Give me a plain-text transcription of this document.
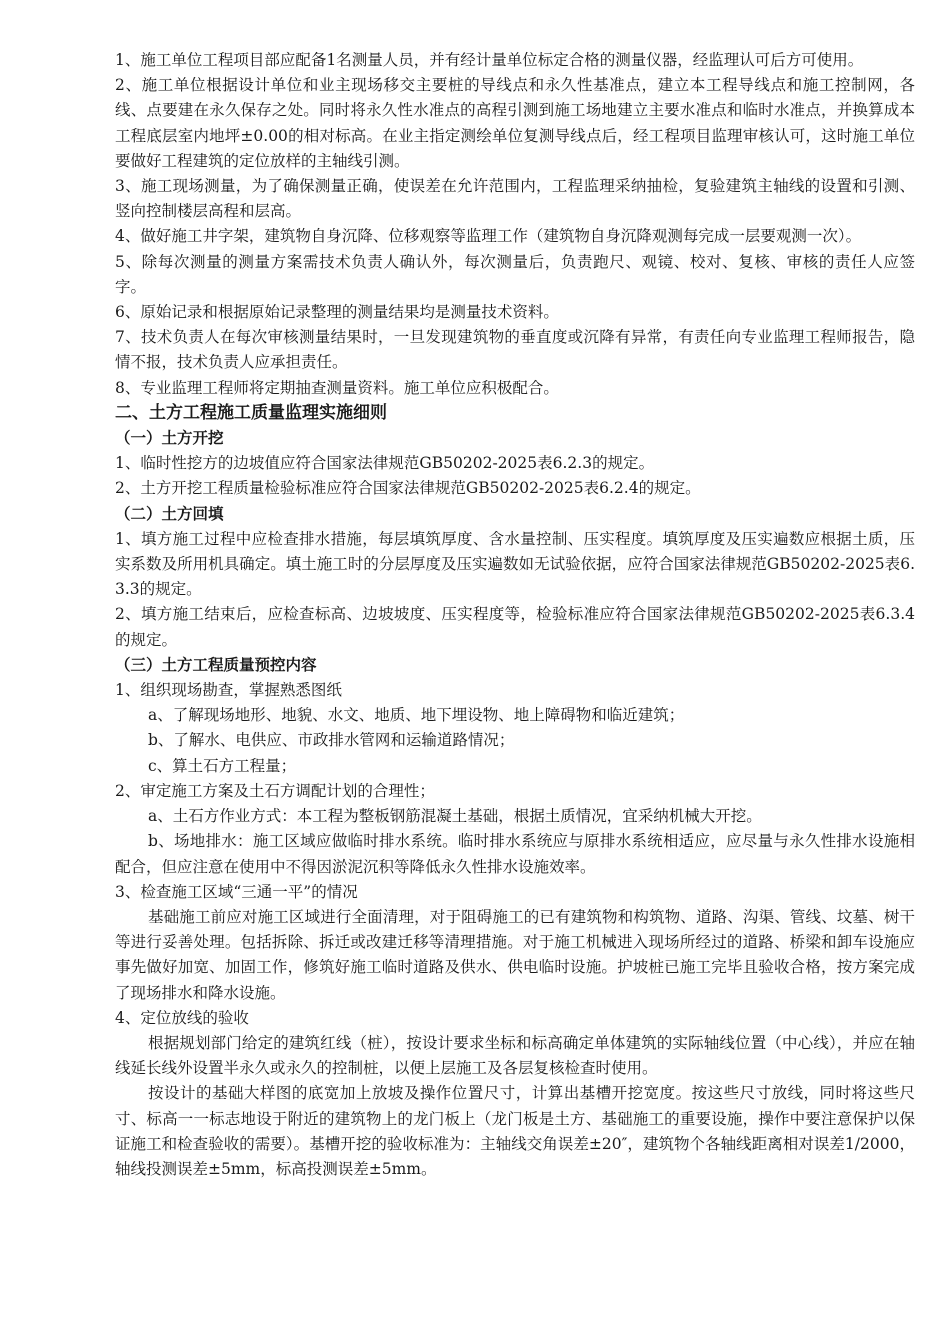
1、施工单位工程项目部应配备1名测量人员，并有经计量单位标定合格的测量仪器，经监理认可后方可使用。

2、施工单位根据设计单位和业主现场移交主要桩的导线点和永久性基准点，建立本工程导线点和施工控制网，各线、点要建在永久保存之处。同时将永久性水准点的高程引测到施工场地建立主要水准点和临时水准点，并换算成本工程底层室内地坪±0.00的相对标高。在业主指定测绘单位复测导线点后，经工程项目监理审核认可，这时施工单位要做好工程建筑的定位放样的主轴线引测。

3、施工现场测量，为了确保测量正确，使误差在允许范围内，工程监理采纳抽检，复验建筑主轴线的设置和引测、竖向控制楼层高程和层高。

4、做好施工井字架，建筑物自身沉降、位移观察等监理工作（建筑物自身沉降观测每完成一层要观测一次）。

5、除每次测量的测量方案需技术负责人确认外，每次测量后，负责跑尺、观镜、校对、复核、审核的责任人应签字。

6、原始记录和根据原始记录整理的测量结果均是测量技术资料。

7、技术负责人在每次审核测量结果时，一旦发现建筑物的垂直度或沉降有异常，有责任向专业监理工程师报告，隐情不报，技术负责人应承担责任。

8、专业监理工程师将定期抽查测量资料。施工单位应积极配合。

二、土方工程施工质量监理实施细则
（一）土方开挖

1、临时性挖方的边坡值应符合国家法律规范GB50202-2025表6.2.3的规定。

2、土方开挖工程质量检验标准应符合国家法律规范GB50202-2025表6.2.4的规定。

（二）土方回填

1、填方施工过程中应检查排水措施，每层填筑厚度、含水量控制、压实程度。填筑厚度及压实遍数应根据土质，压实系数及所用机具确定。填土施工时的分层厚度及压实遍数如无试验依据，应符合国家法律规范GB50202-2025表6.3.3的规定。

2、填方施工结束后，应检查标高、边坡坡度、压实程度等，检验标准应符合国家法律规范GB50202-2025表6.3.4的规定。

（三）土方工程质量预控内容

1、组织现场勘查，掌握熟悉图纸

a、了解现场地形、地貌、水文、地质、地下埋设物、地上障碍物和临近建筑；

b、了解水、电供应、市政排水管网和运输道路情况；

c、算土石方工程量；

2、审定施工方案及土石方调配计划的合理性；

a、土石方作业方式：本工程为整板钢筋混凝土基础，根据土质情况，宜采纳机械大开挖。

b、场地排水：施工区域应做临时排水系统。临时排水系统应与原排水系统相适应，应尽量与永久性排水设施相配合，但应注意在使用中不得因淤泥沉积等降低永久性排水设施效率。

3、检查施工区域“三通一平”的情况

基础施工前应对施工区域进行全面清理，对于阻碍施工的已有建筑物和构筑物、道路、沟渠、管线、坟墓、树干等进行妥善处理。包括拆除、拆迁或改建迁移等清理措施。对于施工机械进入现场所经过的道路、桥梁和卸车设施应事先做好加宽、加固工作，修筑好施工临时道路及供水、供电临时设施。护坡桩已施工完毕且验收合格，按方案完成了现场排水和降水设施。

4、定位放线的验收

根据规划部门给定的建筑红线（桩），按设计要求坐标和标高确定单体建筑的实际轴线位置（中心线），并应在轴线延长线外设置半永久或永久的控制桩，以便上层施工及各层复核检查时使用。

按设计的基础大样图的底宽加上放坡及操作位置尺寸，计算出基槽开挖宽度。按这些尺寸放线，同时将这些尺寸、标高一一标志地设于附近的建筑物上的龙门板上（龙门板是土方、基础施工的重要设施，操作中要注意保护以保证施工和检查验收的需要）。基槽开挖的验收标准为：主轴线交角误差±20″，建筑物个各轴线距离相对误差1/2000，轴线投测误差±5mm，标高投测误差±5mm。
